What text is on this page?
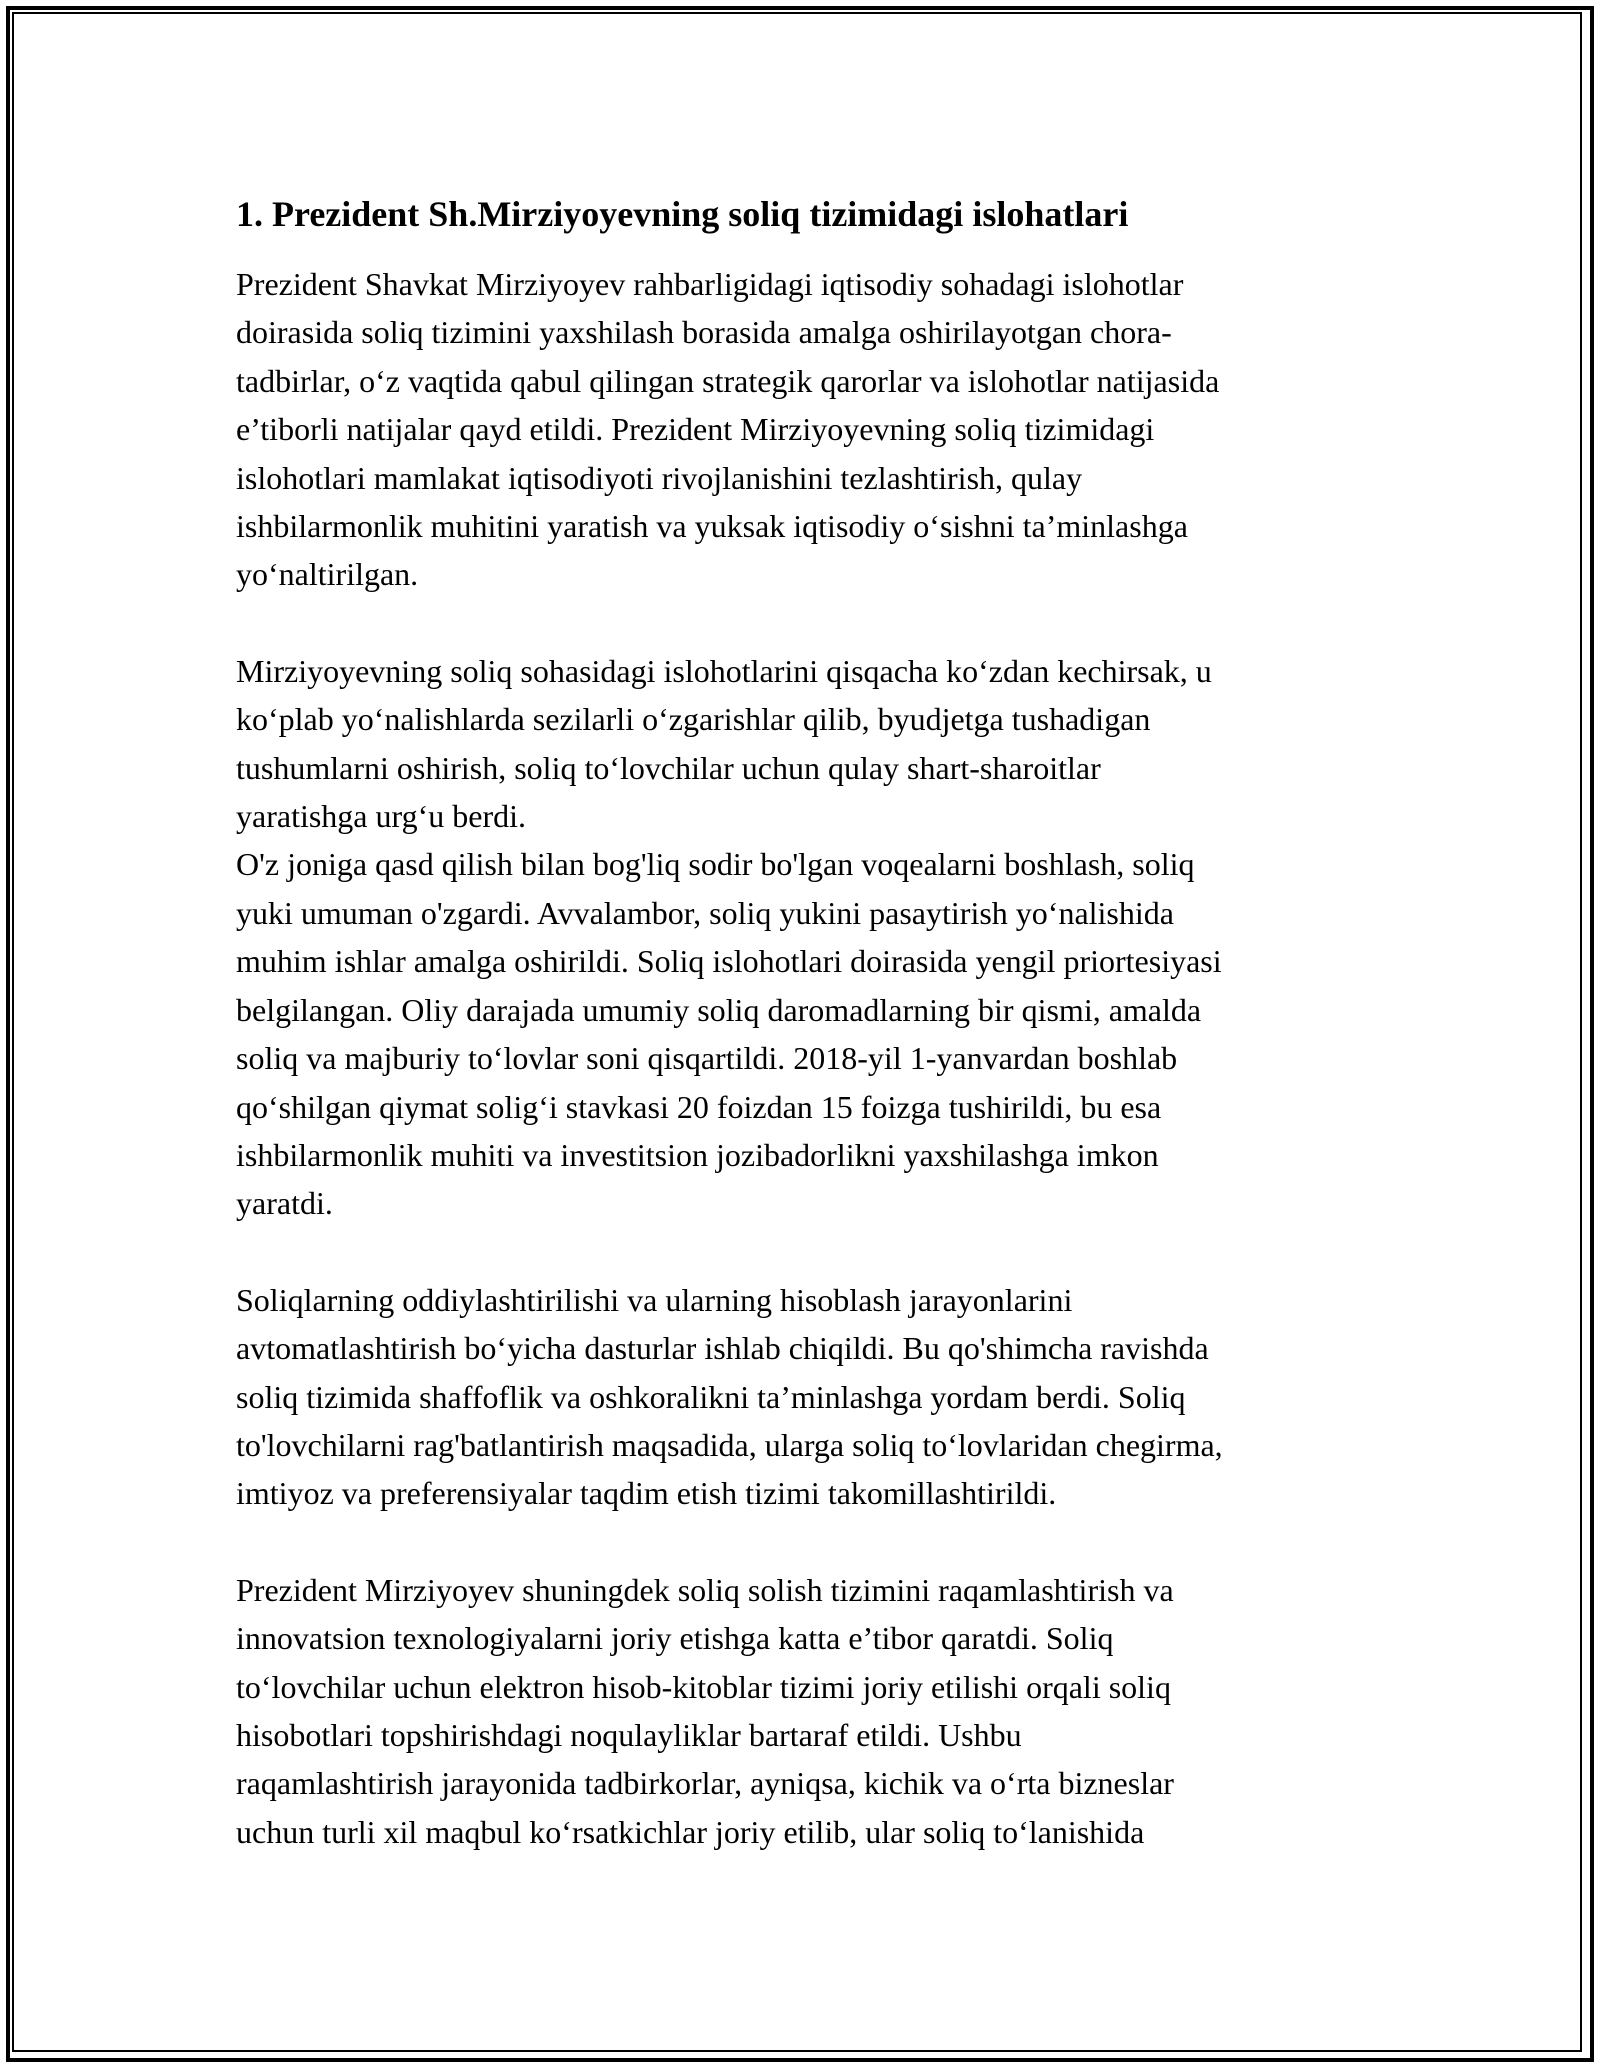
1. Prezident Sh.Mirziyoyevning soliq tizimidagi islohatlari

Prezident Shavkat Mirziyoyev rahbarligidagi iqtisodiy sohadagi islohotlar
doirasida soliq tizimini yaxshilash borasida amalga oshirilayotgan chora-
tadbirlar, o‘z vaqtida qabul qilingan strategik qarorlar va islohotlar natijasida
e’tiborli natijalar qayd etildi. Prezident Mirziyoyevning soliq tizimidagi
islohotlari mamlakat iqtisodiyoti rivojlanishini tezlashtirish, qulay
ishbilarmonlik muhitini yaratish va yuksak iqtisodiy o‘sishni ta’minlashga
yo‘naltirilgan.

Mirziyoyevning soliq sohasidagi islohotlarini qisqacha ko‘zdan kechirsak, u
ko‘plab yo‘nalishlarda sezilarli o‘zgarishlar qilib, byudjetga tushadigan
tushumlarni oshirish, soliq to‘lovchilar uchun qulay shart-sharoitlar
yaratishga urg‘u berdi.

O'z joniga qasd qilish bilan bog'liq sodir bo'lgan voqealarni boshlash, soliq
yuki umuman o'zgardi. Avvalambor, soliq yukini pasaytirish yo‘nalishida
muhim ishlar amalga oshirildi. Soliq islohotlari doirasida yengil priortesiyasi
belgilangan. Oliy darajada umumiy soliq daromadlarning bir qismi, amalda
soliq va majburiy to‘lovlar soni qisqartildi. 2018-yil 1-yanvardan boshlab
qo‘shilgan qiymat solig‘i stavkasi 20 foizdan 15 foizga tushirildi, bu esa
ishbilarmonlik muhiti va investitsion jozibadorlikni yaxshilashga imkon
yaratdi.

Soliqlarning oddiylashtirilishi va ularning hisoblash jarayonlarini
avtomatlashtirish bo‘yicha dasturlar ishlab chiqildi. Bu qo'shimcha ravishda
soliq tizimida shaffoflik va oshkoralikni ta’minlashga yordam berdi. Soliq
to'lovchilarni rag'batlantirish maqsadida, ularga soliq to‘lovlaridan chegirma,
imtiyoz va preferensiyalar taqdim etish tizimi takomillashtirildi.

Prezident Mirziyoyev shuningdek soliq solish tizimini raqamlashtirish va
innovatsion texnologiyalarni joriy etishga katta e’tibor qaratdi. Soliq
to‘lovchilar uchun elektron hisob-kitoblar tizimi joriy etilishi orqali soliq
hisobotlari topshirishdagi noqulayliklar bartaraf etildi. Ushbu
raqamlashtirish jarayonida tadbirkorlar, ayniqsa, kichik va o‘rta bizneslar
uchun turli xil maqbul ko‘rsatkichlar joriy etilib, ular soliq to‘lanishida
